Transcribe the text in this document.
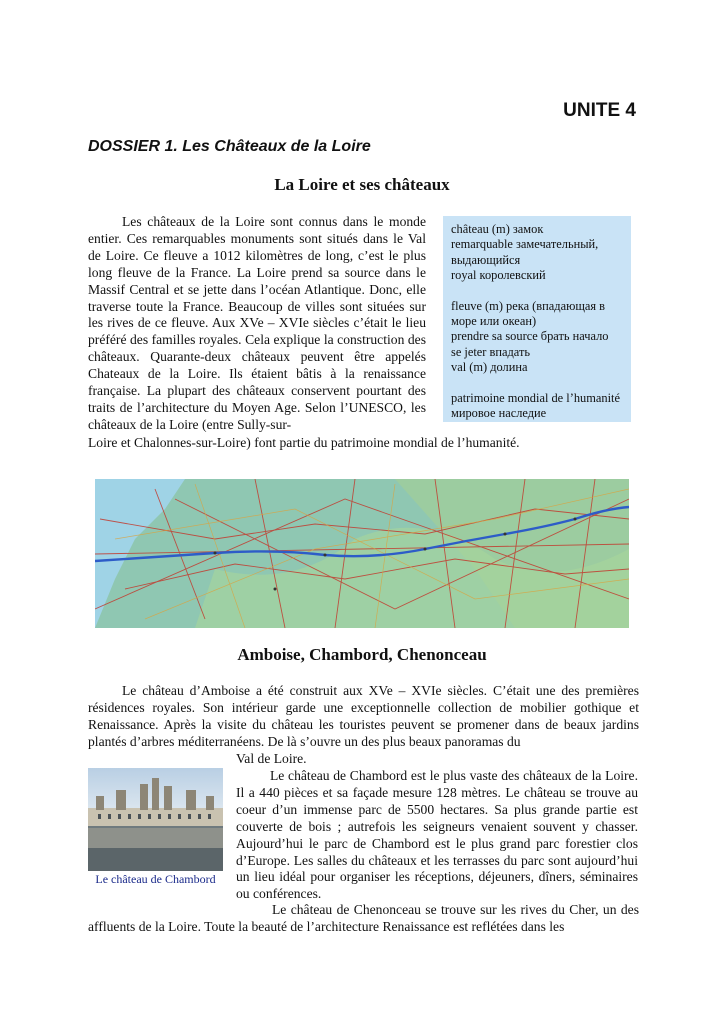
UNITE 4
DOSSIER 1. Les Châteaux de la Loire
La Loire et ses châteaux

Les châteaux de la Loire sont connus dans le monde entier. Ces remarquables monuments sont situés dans le Val de Loire. Ce fleuve a 1012 kilomètres de long, c’est le plus long fleuve de la France. La Loire prend sa source dans le Massif Central et se jette dans l’océan Atlantique. Donc, elle traverse toute la France. Beaucoup de villes sont situées sur les rives de ce fleuve. Aux XVe – XVIe siècles c’était le lieu préféré des familles royales. Cela explique la construction des châteaux. Quarante-deux châteaux peuvent être appelés Chateaux de la Loire. Ils étaient bâtis à la renaissance française. La plupart des châteaux conservent pourtant des traits de l’architecture du Moyen Age. Selon l’UNESCO, les châteaux de la Loire (entre Sully-sur-

Loire et Chalonnes-sur-Loire) font partie du patrimoine mondial de l’humanité.

château (m) замок
remarquable замечательный, выдающийся
royal королевский
fleuve (m) река (впадающая в море или океан)
prendre sa source брать начало
se jeter впадать
val (m) долина
patrimoine mondial de l’humanité мировое наследие
Amboise, Chambord, Chenonceau

Le château d’Amboise a été construit aux XVe – XVIe siècles. C’était une des premières résidences royales. Son intérieur garde une exceptionnelle collection de mobilier gothique et Renaissance. Après la visite du château les touristes peuvent se promener dans de beaux jardins plantés d’arbres méditerranéens. De là s’ouvre un des plus beaux panoramas du

Val de Loire.

Le château de Chambord

Le château de Chambord est le plus vaste des châteaux de la Loire. Il a 440 pièces et sa façade mesure 128 mètres. Le château se trouve au coeur d’un immense parc de 5500 hectares. Sa plus grande partie est couverte de bois ; autrefois les seigneurs venaient souvent y chasser. Aujourd’hui le parc de Chambord est le plus grand parc forestier clos d’Europe. Les salles du châteaux et les terrasses du parc sont aujourd’hui un lieu idéal pour organiser les réceptions, déjeuners, dîners, séminaires ou conférences.

Le château de Chenonceau se trouve sur les rives du Cher, un des affluents de la Loire. Toute la beauté de l’architecture Renaissance est reflétées dans les
